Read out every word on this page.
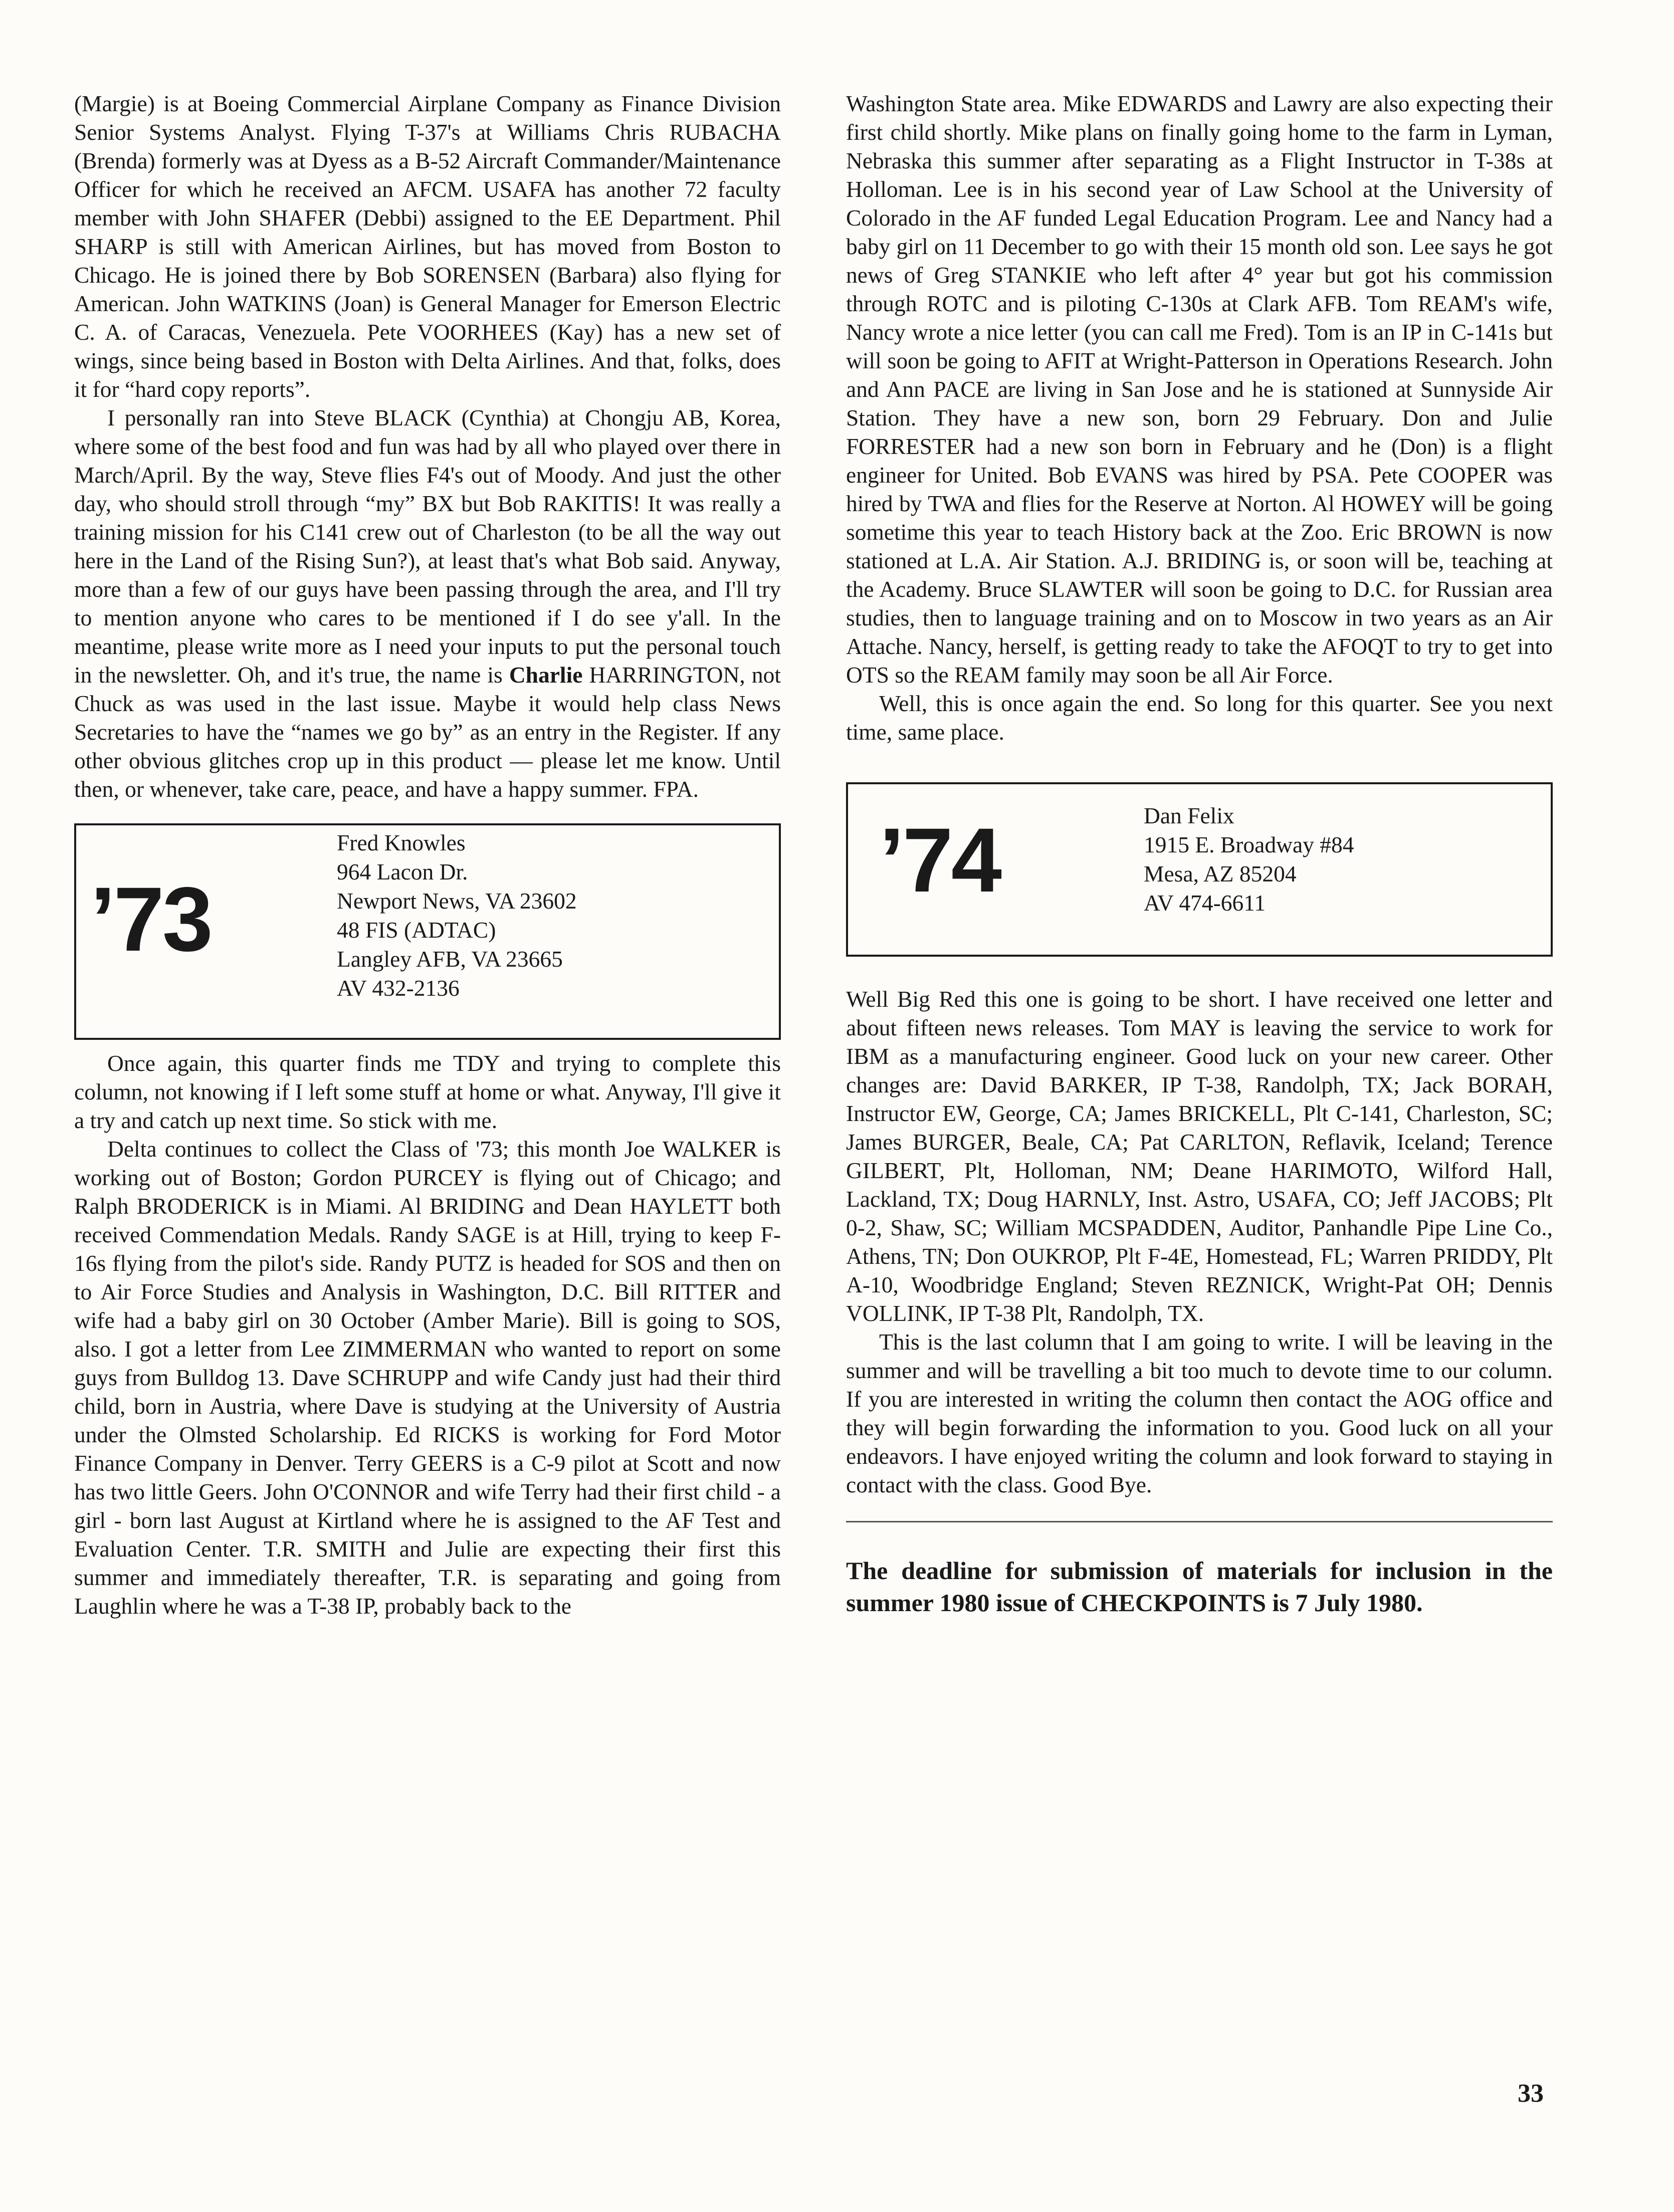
(Margie) is at Boeing Commercial Airplane Company as Finance Division Senior Systems Analyst. Flying T-37's at Williams Chris RUBACHA (Brenda) formerly was at Dyess as a B-52 Aircraft Commander/Maintenance Officer for which he received an AFCM. USAFA has another 72 faculty member with John SHAFER (Debbi) assigned to the EE Department. Phil SHARP is still with American Airlines, but has moved from Boston to Chicago. He is joined there by Bob SORENSEN (Barbara) also flying for American. John WATKINS (Joan) is General Manager for Emerson Electric C. A. of Caracas, Venezuela. Pete VOORHEES (Kay) has a new set of wings, since being based in Boston with Delta Airlines. And that, folks, does it for “hard copy reports”.

I personally ran into Steve BLACK (Cynthia) at Chongju AB, Korea, where some of the best food and fun was had by all who played over there in March/April. By the way, Steve flies F4's out of Moody. And just the other day, who should stroll through “my” BX but Bob RAKITIS! It was really a training mission for his C141 crew out of Charleston (to be all the way out here in the Land of the Rising Sun?), at least that's what Bob said. Anyway, more than a few of our guys have been passing through the area, and I'll try to mention anyone who cares to be mentioned if I do see y'all. In the meantime, please write more as I need your inputs to put the personal touch in the newsletter. Oh, and it's true, the name is Charlie HARRINGTON, not Chuck as was used in the last issue. Maybe it would help class News Secretaries to have the “names we go by” as an entry in the Register. If any other obvious glitches crop up in this product — please let me know. Until then, or whenever, take care, peace, and have a happy summer. FPA.

’73
Fred Knowles
964 Lacon Dr.
Newport News, VA 23602
48 FIS (ADTAC)
Langley AFB, VA 23665
AV 432-2136

Once again, this quarter finds me TDY and trying to complete this column, not knowing if I left some stuff at home or what. Anyway, I'll give it a try and catch up next time. So stick with me.

Delta continues to collect the Class of '73; this month Joe WALKER is working out of Boston; Gordon PURCEY is flying out of Chicago; and Ralph BRODERICK is in Miami. Al BRIDING and Dean HAYLETT both received Commendation Medals. Randy SAGE is at Hill, trying to keep F-16s flying from the pilot's side. Randy PUTZ is headed for SOS and then on to Air Force Studies and Analysis in Washington, D.C. Bill RITTER and wife had a baby girl on 30 October (Amber Marie). Bill is going to SOS, also. I got a letter from Lee ZIMMERMAN who wanted to report on some guys from Bulldog 13. Dave SCHRUPP and wife Candy just had their third child, born in Austria, where Dave is studying at the University of Austria under the Olmsted Scholarship. Ed RICKS is working for Ford Motor Finance Company in Denver. Terry GEERS is a C-9 pilot at Scott and now has two little Geers. John O'CONNOR and wife Terry had their first child - a girl - born last August at Kirtland where he is assigned to the AF Test and Evaluation Center. T.R. SMITH and Julie are expecting their first this summer and immediately thereafter, T.R. is separating and going from Laughlin where he was a T-38 IP, probably back to the

Washington State area. Mike EDWARDS and Lawry are also expecting their first child shortly. Mike plans on finally going home to the farm in Lyman, Nebraska this summer after separating as a Flight Instructor in T-38s at Holloman. Lee is in his second year of Law School at the University of Colorado in the AF funded Legal Education Program. Lee and Nancy had a baby girl on 11 December to go with their 15 month old son. Lee says he got news of Greg STANKIE who left after 4° year but got his commission through ROTC and is piloting C-130s at Clark AFB. Tom REAM's wife, Nancy wrote a nice letter (you can call me Fred). Tom is an IP in C-141s but will soon be going to AFIT at Wright-Patterson in Operations Research. John and Ann PACE are living in San Jose and he is stationed at Sunnyside Air Station. They have a new son, born 29 February. Don and Julie FORRESTER had a new son born in February and he (Don) is a flight engineer for United. Bob EVANS was hired by PSA. Pete COOPER was hired by TWA and flies for the Reserve at Norton. Al HOWEY will be going sometime this year to teach History back at the Zoo. Eric BROWN is now stationed at L.A. Air Station. A.J. BRIDING is, or soon will be, teaching at the Academy. Bruce SLAWTER will soon be going to D.C. for Russian area studies, then to language training and on to Moscow in two years as an Air Attache. Nancy, herself, is getting ready to take the AFOQT to try to get into OTS so the REAM family may soon be all Air Force.

Well, this is once again the end. So long for this quarter. See you next time, same place.

’74	Dan Felix
1915 E. Broadway #84
Mesa, AZ 85204
AV 474-6611

Well Big Red this one is going to be short. I have received one letter and about fifteen news releases. Tom MAY is leaving the service to work for IBM as a manufacturing engineer. Good luck on your new career. Other changes are: David BARKER, IP T-38, Randolph, TX; Jack BORAH, Instructor EW, George, CA; James BRICKELL, Plt C-141, Charleston, SC; James BURGER, Beale, CA; Pat CARLTON, Reflavik, Iceland; Terence GILBERT, Plt, Holloman, NM; Deane HARIMOTO, Wilford Hall, Lackland, TX; Doug HARNLY, Inst. Astro, USAFA, CO; Jeff JACOBS; Plt 0-2, Shaw, SC; William MCSPADDEN, Auditor, Panhandle Pipe Line Co., Athens, TN; Don OUKROP, Plt F-4E, Homestead, FL; Warren PRIDDY, Plt A-10, Woodbridge England; Steven REZNICK, Wright-Pat OH; Dennis VOLLINK, IP T-38 Plt, Randolph, TX.

This is the last column that I am going to write. I will be leaving in the summer and will be travelling a bit too much to devote time to our column. If you are interested in writing the column then contact the AOG office and they will begin forwarding the information to you. Good luck on all your endeavors. I have enjoyed writing the column and look forward to staying in contact with the class. Good Bye.

The deadline for submission of materials for inclusion in the summer 1980 issue of CHECKPOINTS is 7 July 1980.

33
